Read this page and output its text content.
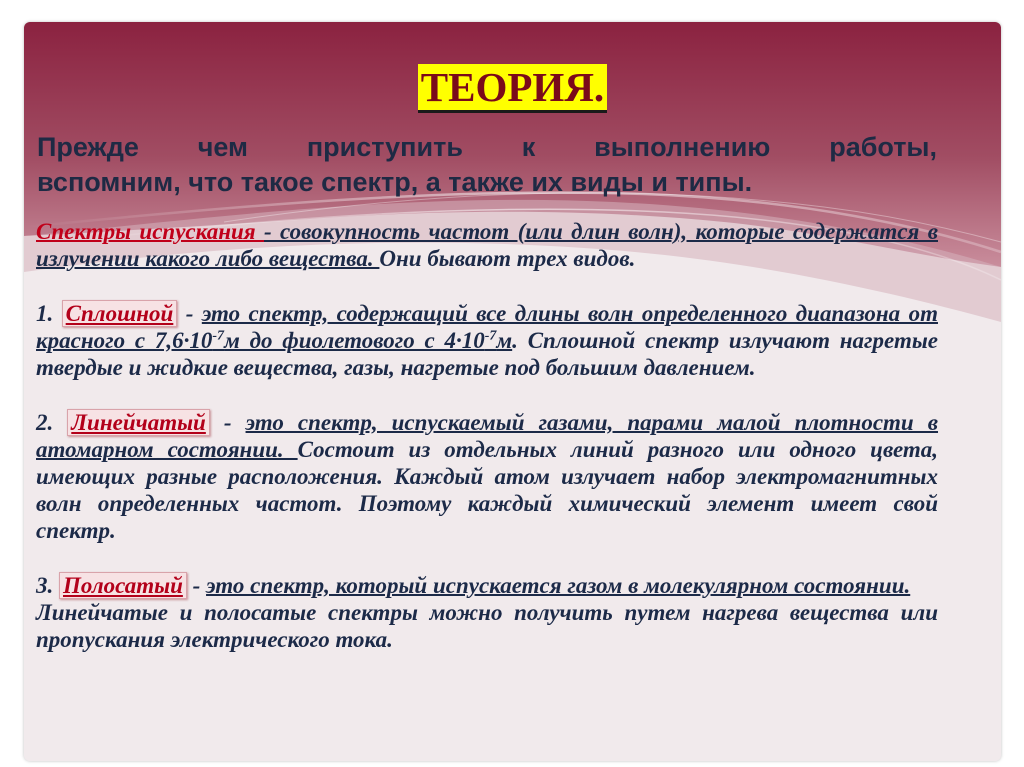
ТЕОРИЯ.
Прежде чем приступить к выполнению работы,
вспомним, что такое спектр, а также их виды и типы.
Спектры испускания - совокупность частот (или длин волн), которые содержатся в излучении какого либо вещества. Они бывают трех видов.
1. Сплошной - это спектр, содержащий все длины волн определенного диапазона от красного с $7,6\cdot 10^{-7}м$ до фиолетового с $4\cdot 10^{-7}м$. Сплошной спектр излучают нагретые твердые и жидкие вещества, газы, нагретые под большим давлением.
2. Линейчатый - это спектр, испускаемый газами, парами малой плотности в атомарном состоянии. Состоит из отдельных линий разного или одного цвета, имеющих разные расположения. Каждый атом излучает набор электромагнитных волн определенных частот. Поэтому каждый химический элемент имеет свой спектр.
3. Полосатый - это спектр, который испускается газом в молекулярном состоянии.
Линейчатые и полосатые спектры можно получить путем нагрева вещества или пропускания электрического тока.
